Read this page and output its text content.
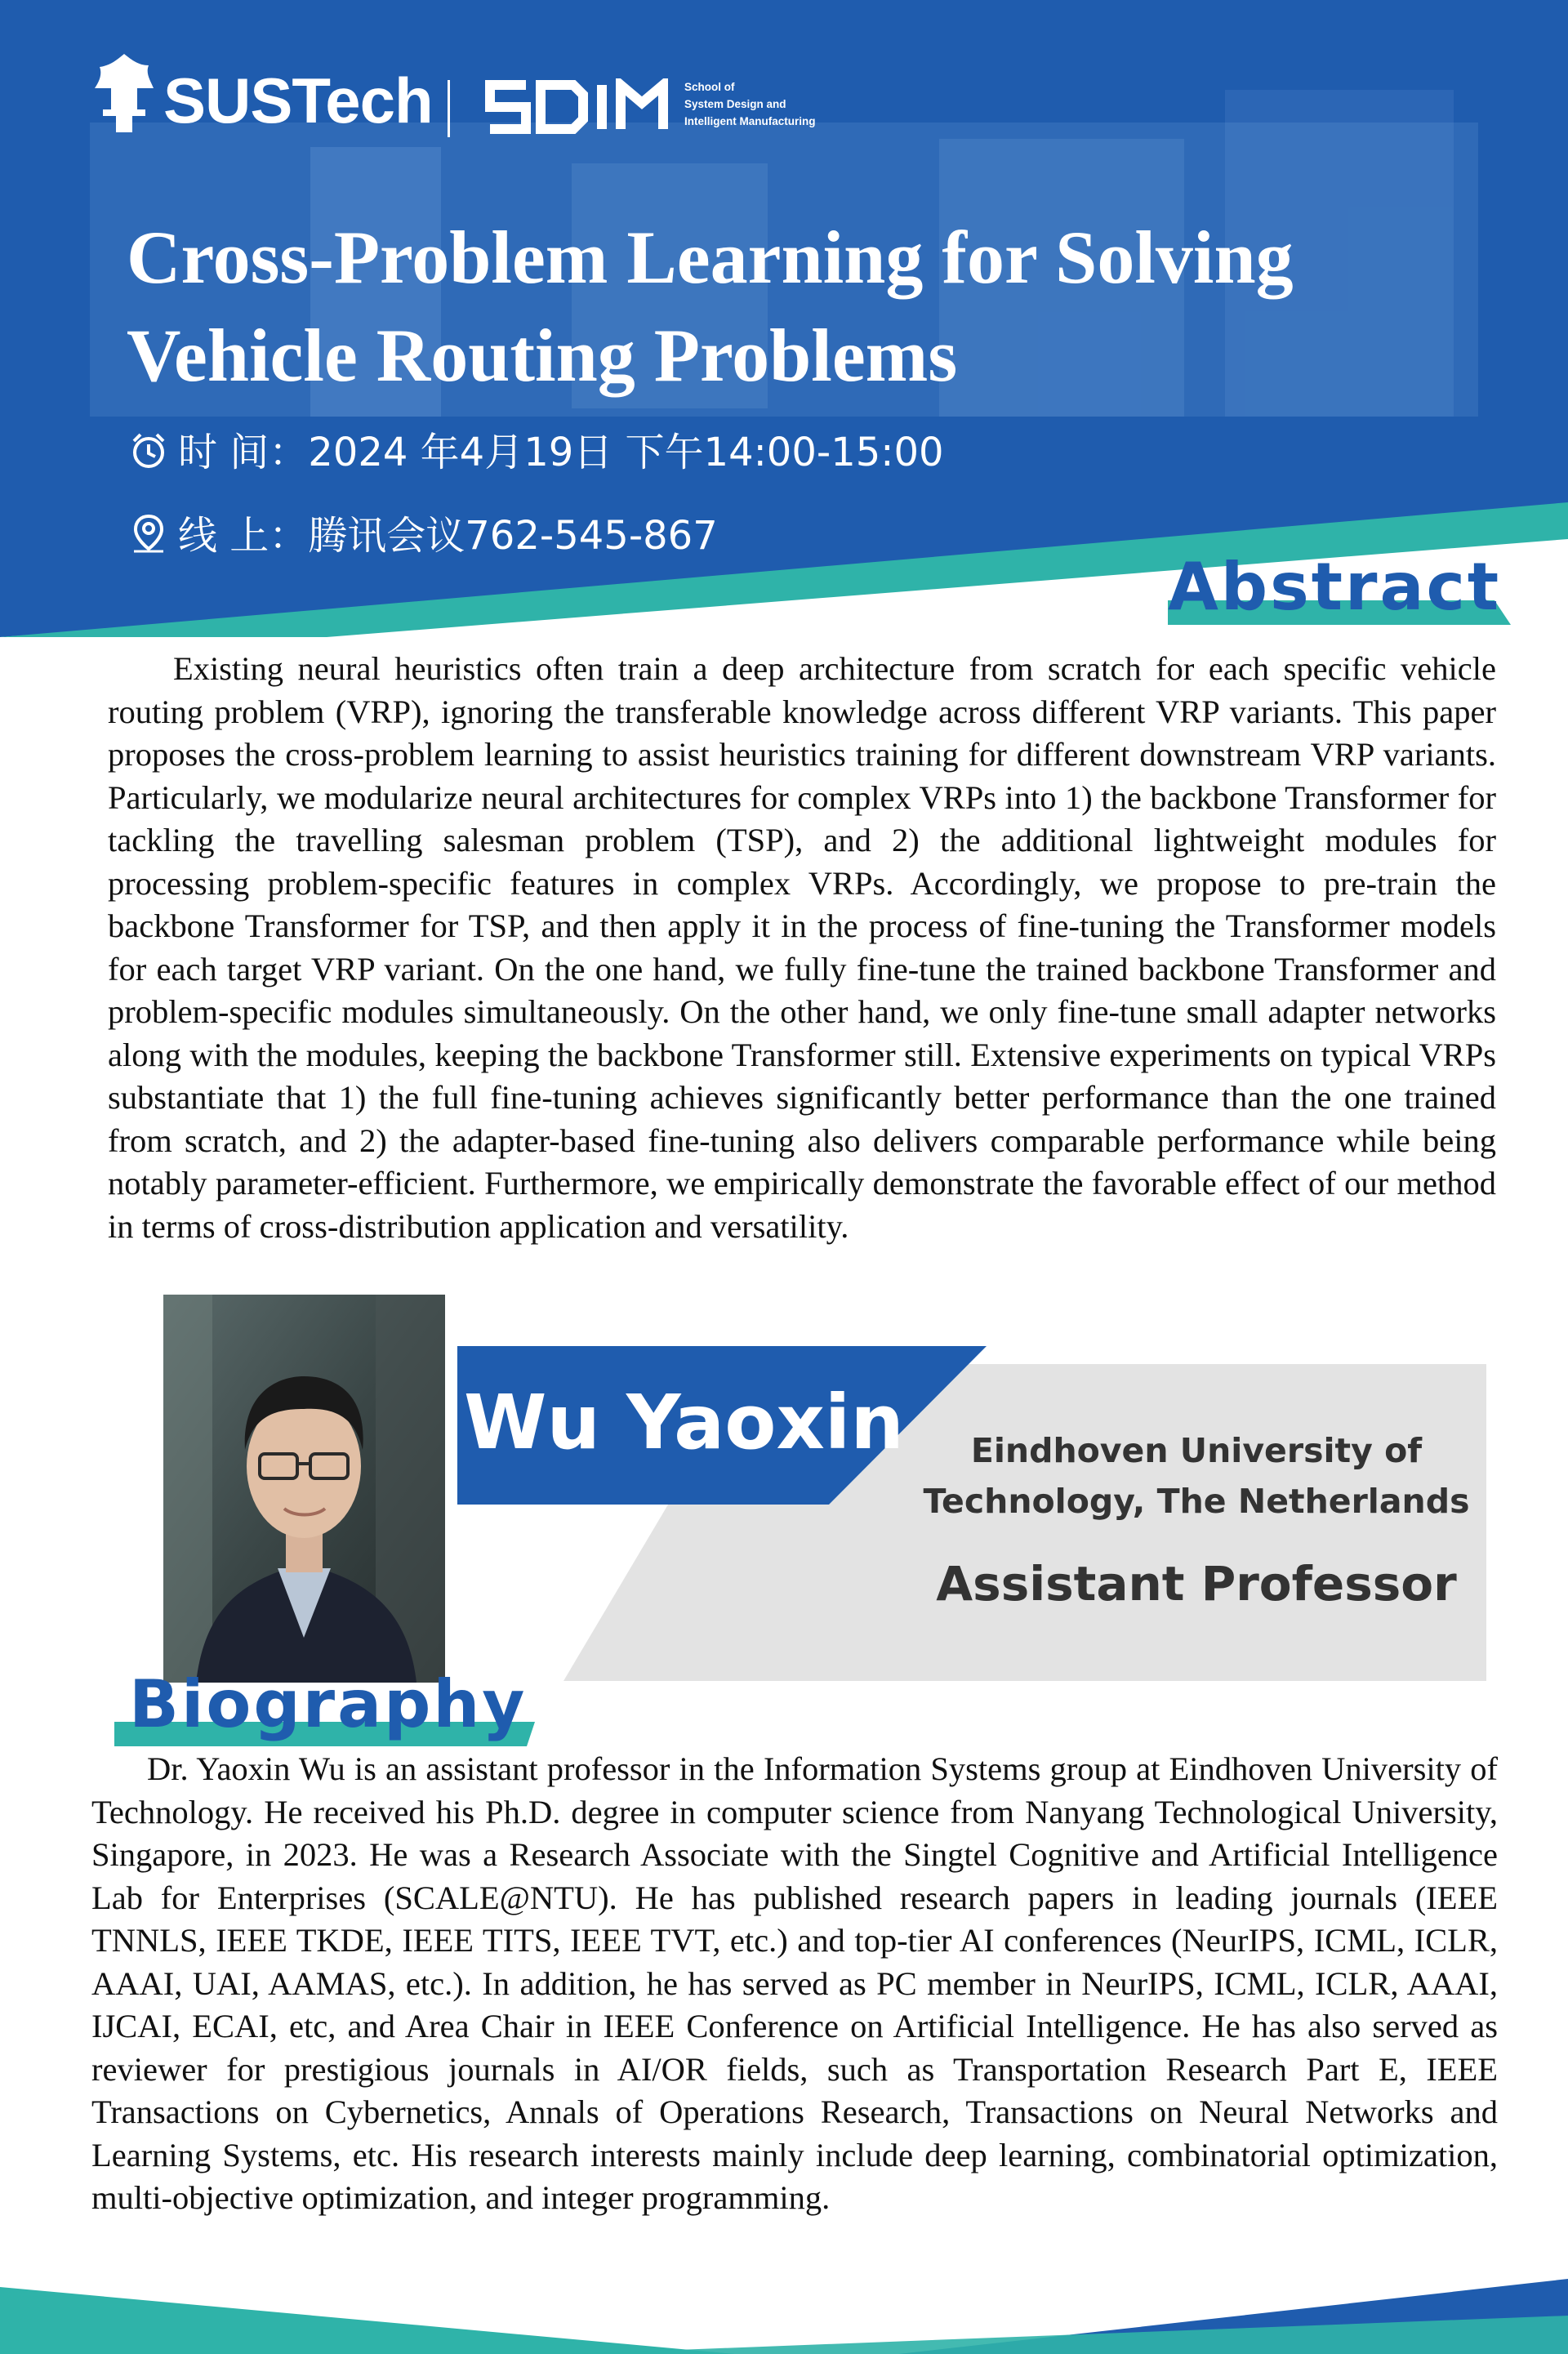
SUSTech	School of
System Design and
Intelligent Manufacturing
Cross-Problem Learning for Solving
Vehicle Routing Problems
时 间：2024 年4月19日 下午14:00-15:00
线 上：腾讯会议762-545-867
Abstract
Existing neural heuristics often train a deep architecture from scratch for each specific vehicle routing problem (VRP), ignoring the transferable knowledge across different VRP variants. This paper proposes the cross-problem learning to assist heuristics training for different downstream VRP variants. Particularly, we modularize neural architectures for complex VRPs into 1) the backbone Transformer for tackling the travelling salesman problem (TSP), and 2) the additional lightweight modules for processing problem-specific features in complex VRPs. Accordingly, we propose to pre-train the backbone Transformer for TSP, and then apply it in the process of fine-tuning the Transformer models for each target VRP variant. On the one hand, we fully fine-tune the trained backbone Transformer and problem-specific modules simultaneously. On the other hand, we only fine-tune small adapter networks along with the modules, keeping the backbone Transformer still. Extensive experiments on typical VRPs substantiate that 1) the full fine-tuning achieves significantly better performance than the one trained from scratch, and 2) the adapter-based fine-tuning also delivers comparable performance while being notably parameter-efficient. Furthermore, we empirically demonstrate the favorable effect of our method in terms of cross-distribution application and versatility.
Wu Yaoxin	Eindhoven University of
Technology, The Netherlands
Assistant Professor
Biography
Dr. Yaoxin Wu is an assistant professor in the Information Systems group at Eindhoven University of Technology. He received his Ph.D. degree in computer science from Nanyang Technological University, Singapore, in 2023. He was a Research Associate with the Singtel Cognitive and Artificial Intelligence Lab for Enterprises (SCALE@NTU). He has published research papers in leading journals (IEEE TNNLS, IEEE TKDE, IEEE TITS, IEEE TVT, etc.) and top-tier AI conferences (NeurIPS, ICML, ICLR, AAAI, UAI, AAMAS, etc.). In addition, he has served as PC member in NeurIPS, ICML, ICLR, AAAI, IJCAI, ECAI, etc, and Area Chair in IEEE Conference on Artificial Intelligence. He has also served as reviewer for prestigious journals in AI/OR fields, such as Transportation Research Part E, IEEE Transactions on Cybernetics, Annals of Operations Research, Transactions on Neural Networks and Learning Systems, etc. His research interests mainly include deep learning, combinatorial optimization, multi-objective optimization, and integer programming.
